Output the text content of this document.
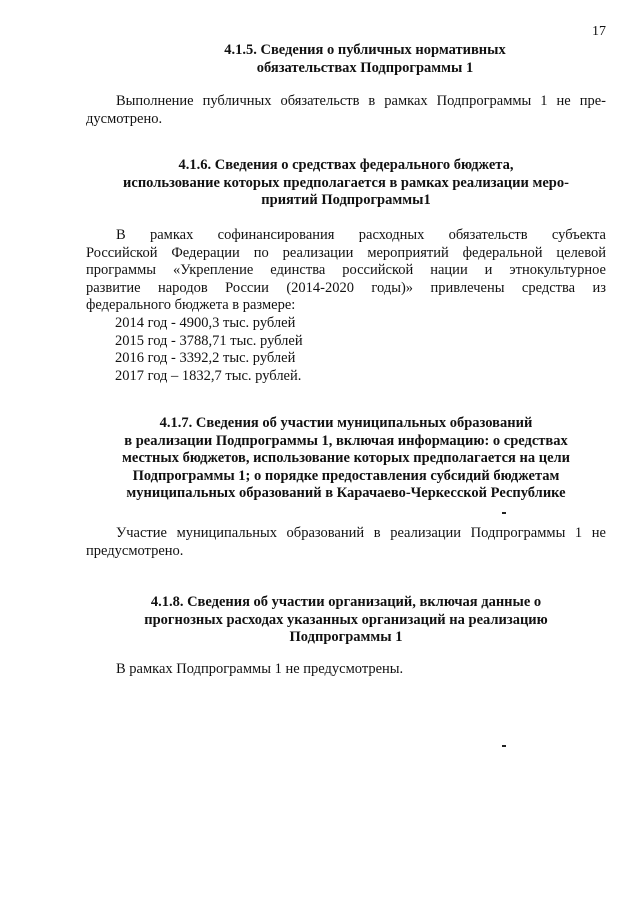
17
4.1.5. Сведения о публичных нормативных
обязательствах Подпрограммы 1
Выполнение публичных обязательств в рамках Подпрограммы 1 не пре-
дусмотрено.
4.1.6. Сведения о средствах федерального бюджета,
использование которых предполагается в рамках реализации меро-
приятий Подпрограммы1
В рамках софинансирования расходных обязательств субъекта
Российской Федерации по реализации мероприятий федеральной целевой
программы «Укрепление единства российской нации и этнокультурное
развитие народов России (2014-2020 годы)» привлечены средства из
федерального бюджета в размере:
2014 год - 4900,3 тыс. рублей
2015 год - 3788,71 тыс. рублей
2016 год - 3392,2 тыс. рублей
2017 год – 1832,7 тыс. рублей.
4.1.7. Сведения об участии муниципальных образований
в реализации Подпрограммы 1, включая информацию: о средствах
местных бюджетов, использование которых предполагается на цели
Подпрограммы 1; о порядке предоставления субсидий бюджетам
муниципальных образований в Карачаево-Черкесской Республике
Участие муниципальных образований в реализации Подпрограммы 1 не
предусмотрено.
4.1.8. Сведения об участии организаций, включая данные о
прогнозных расходах указанных организаций на реализацию
Подпрограммы 1
В рамках Подпрограммы 1 не предусмотрены.
